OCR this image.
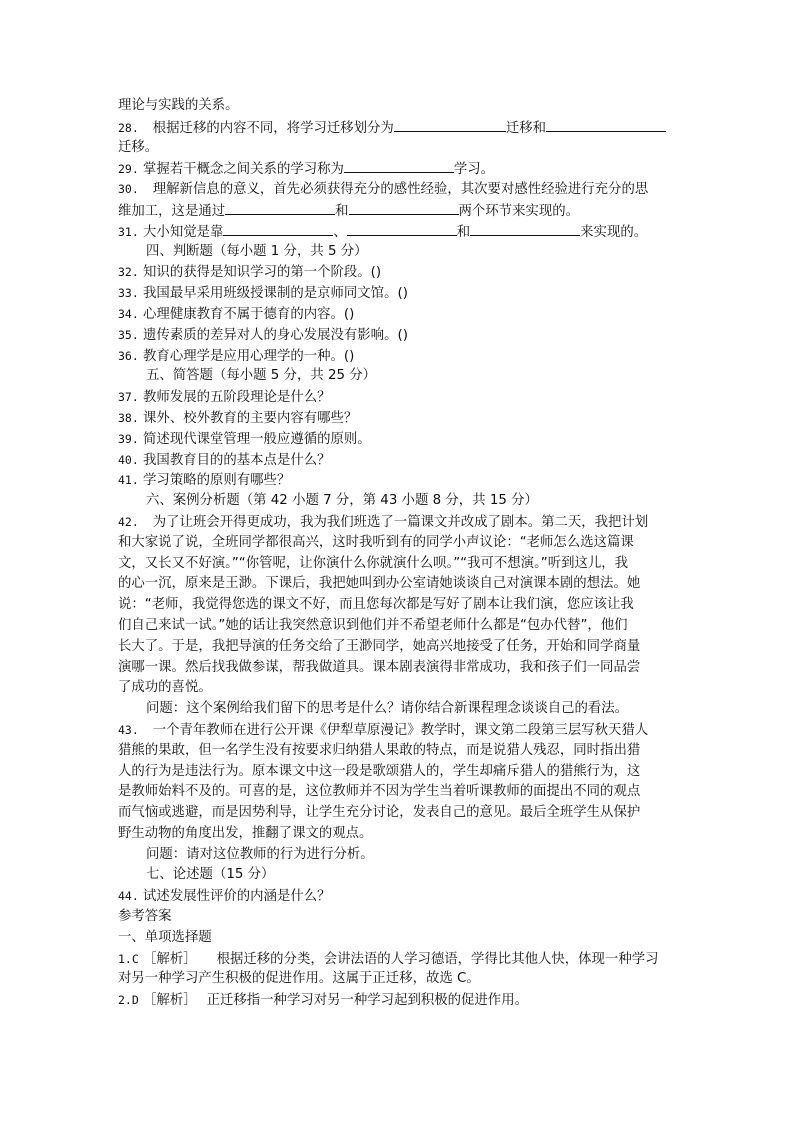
理论与实践的关系。
28. 根据迁移的内容不同，将学习迁移划分为	迁移和
迁移。
29. 掌握若干概念之间关系的学习称为	学习。
30. 理解新信息的意义，首先必须获得充分的感性经验，其次要对感性经验进行充分的思
维加工，这是通过	和	两个环节来实现的。
31. 大小知觉是靠	、	和	来实现的。
四、判断题（每小题 1 分，共 5 分）
32. 知识的获得是知识学习的第一个阶段。()
33. 我国最早采用班级授课制的是京师同文馆。()
34. 心理健康教育不属于德育的内容。()
35. 遗传素质的差异对人的身心发展没有影响。()
36. 教育心理学是应用心理学的一种。()
五、简答题（每小题 5 分，共 25 分）
37. 教师发展的五阶段理论是什么？
38. 课外、校外教育的主要内容有哪些？
39. 简述现代课堂管理一般应遵循的原则。
40. 我国教育目的的基本点是什么？
41. 学习策略的原则有哪些？
六、案例分析题（第 42 小题 7 分，第 43 小题 8 分，共 15 分）
42. 为了让班会开得更成功，我为我们班选了一篇课文并改成了剧本。第二天，我把计划
和大家说了说，全班同学都很高兴，这时我听到有的同学小声议论：“老师怎么选这篇课
文，又长又不好演。”“你管呢，让你演什么你就演什么呗。”“我可不想演。”听到这儿，我
的心一沉，原来是王渺。下课后，我把她叫到办公室请她谈谈自己对演课本剧的想法。她
说：“老师，我觉得您选的课文不好，而且您每次都是写好了剧本让我们演，您应该让我
们自己来试一试。”她的话让我突然意识到他们并不希望老师什么都是“包办代替”，他们
长大了。于是，我把导演的任务交给了王渺同学，她高兴地接受了任务，开始和同学商量
演哪一课。然后找我做参谋，帮我做道具。课本剧表演得非常成功，我和孩子们一同品尝
了成功的喜悦。
问题：这个案例给我们留下的思考是什么？请你结合新课程理念谈谈自己的看法。
43. 一个青年教师在进行公开课《伊犁草原漫记》教学时，课文第二段第三层写秋天猎人
猎熊的果敢，但一名学生没有按要求归纳猎人果敢的特点，而是说猎人残忍，同时指出猎
人的行为是违法行为。原本课文中这一段是歌颂猎人的，学生却痛斥猎人的猎熊行为，这
是教师始料不及的。可喜的是，这位教师并不因为学生当着听课教师的面提出不同的观点
而气恼或逃避，而是因势利导，让学生充分讨论，发表自己的意见。最后全班学生从保护
野生动物的角度出发，推翻了课文的观点。
问题：请对这位教师的行为进行分析。
七、论述题（15 分）
44. 试述发展性评价的内涵是什么？
参考答案
一、单项选择题
1.C ［解析］ 根据迁移的分类，会讲法语的人学习德语，学得比其他人快，体现一种学习
对另一种学习产生积极的促进作用。这属于正迁移，故选 C。
2.D ［解析］ 正迁移指一种学习对另一种学习起到积极的促进作用。
